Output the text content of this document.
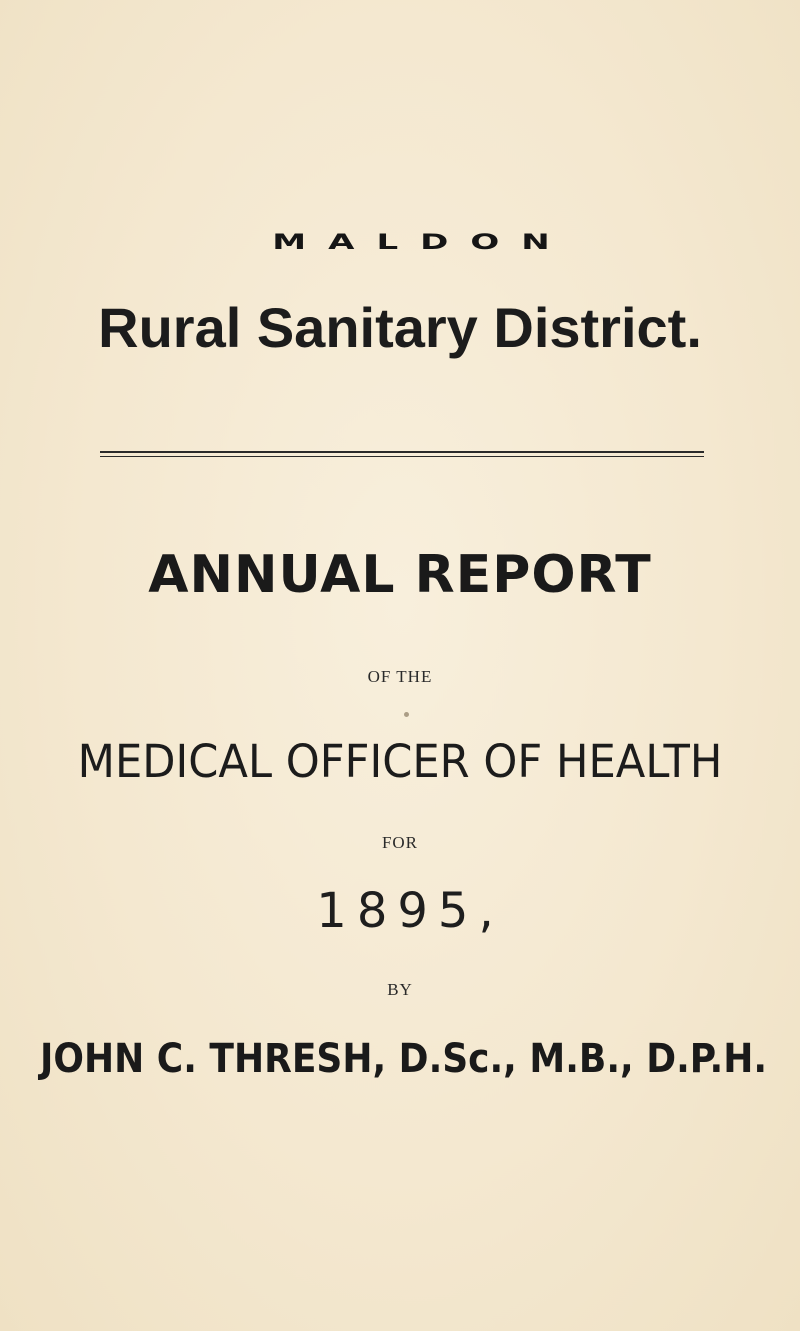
MALDON
Rural Sanitary District.
ANNUAL REPORT
OF THE
MEDICAL OFFICER OF HEALTH
FOR
1895,
BY
JOHN C. THRESH, D.Sc., M.B., D.P.H.
